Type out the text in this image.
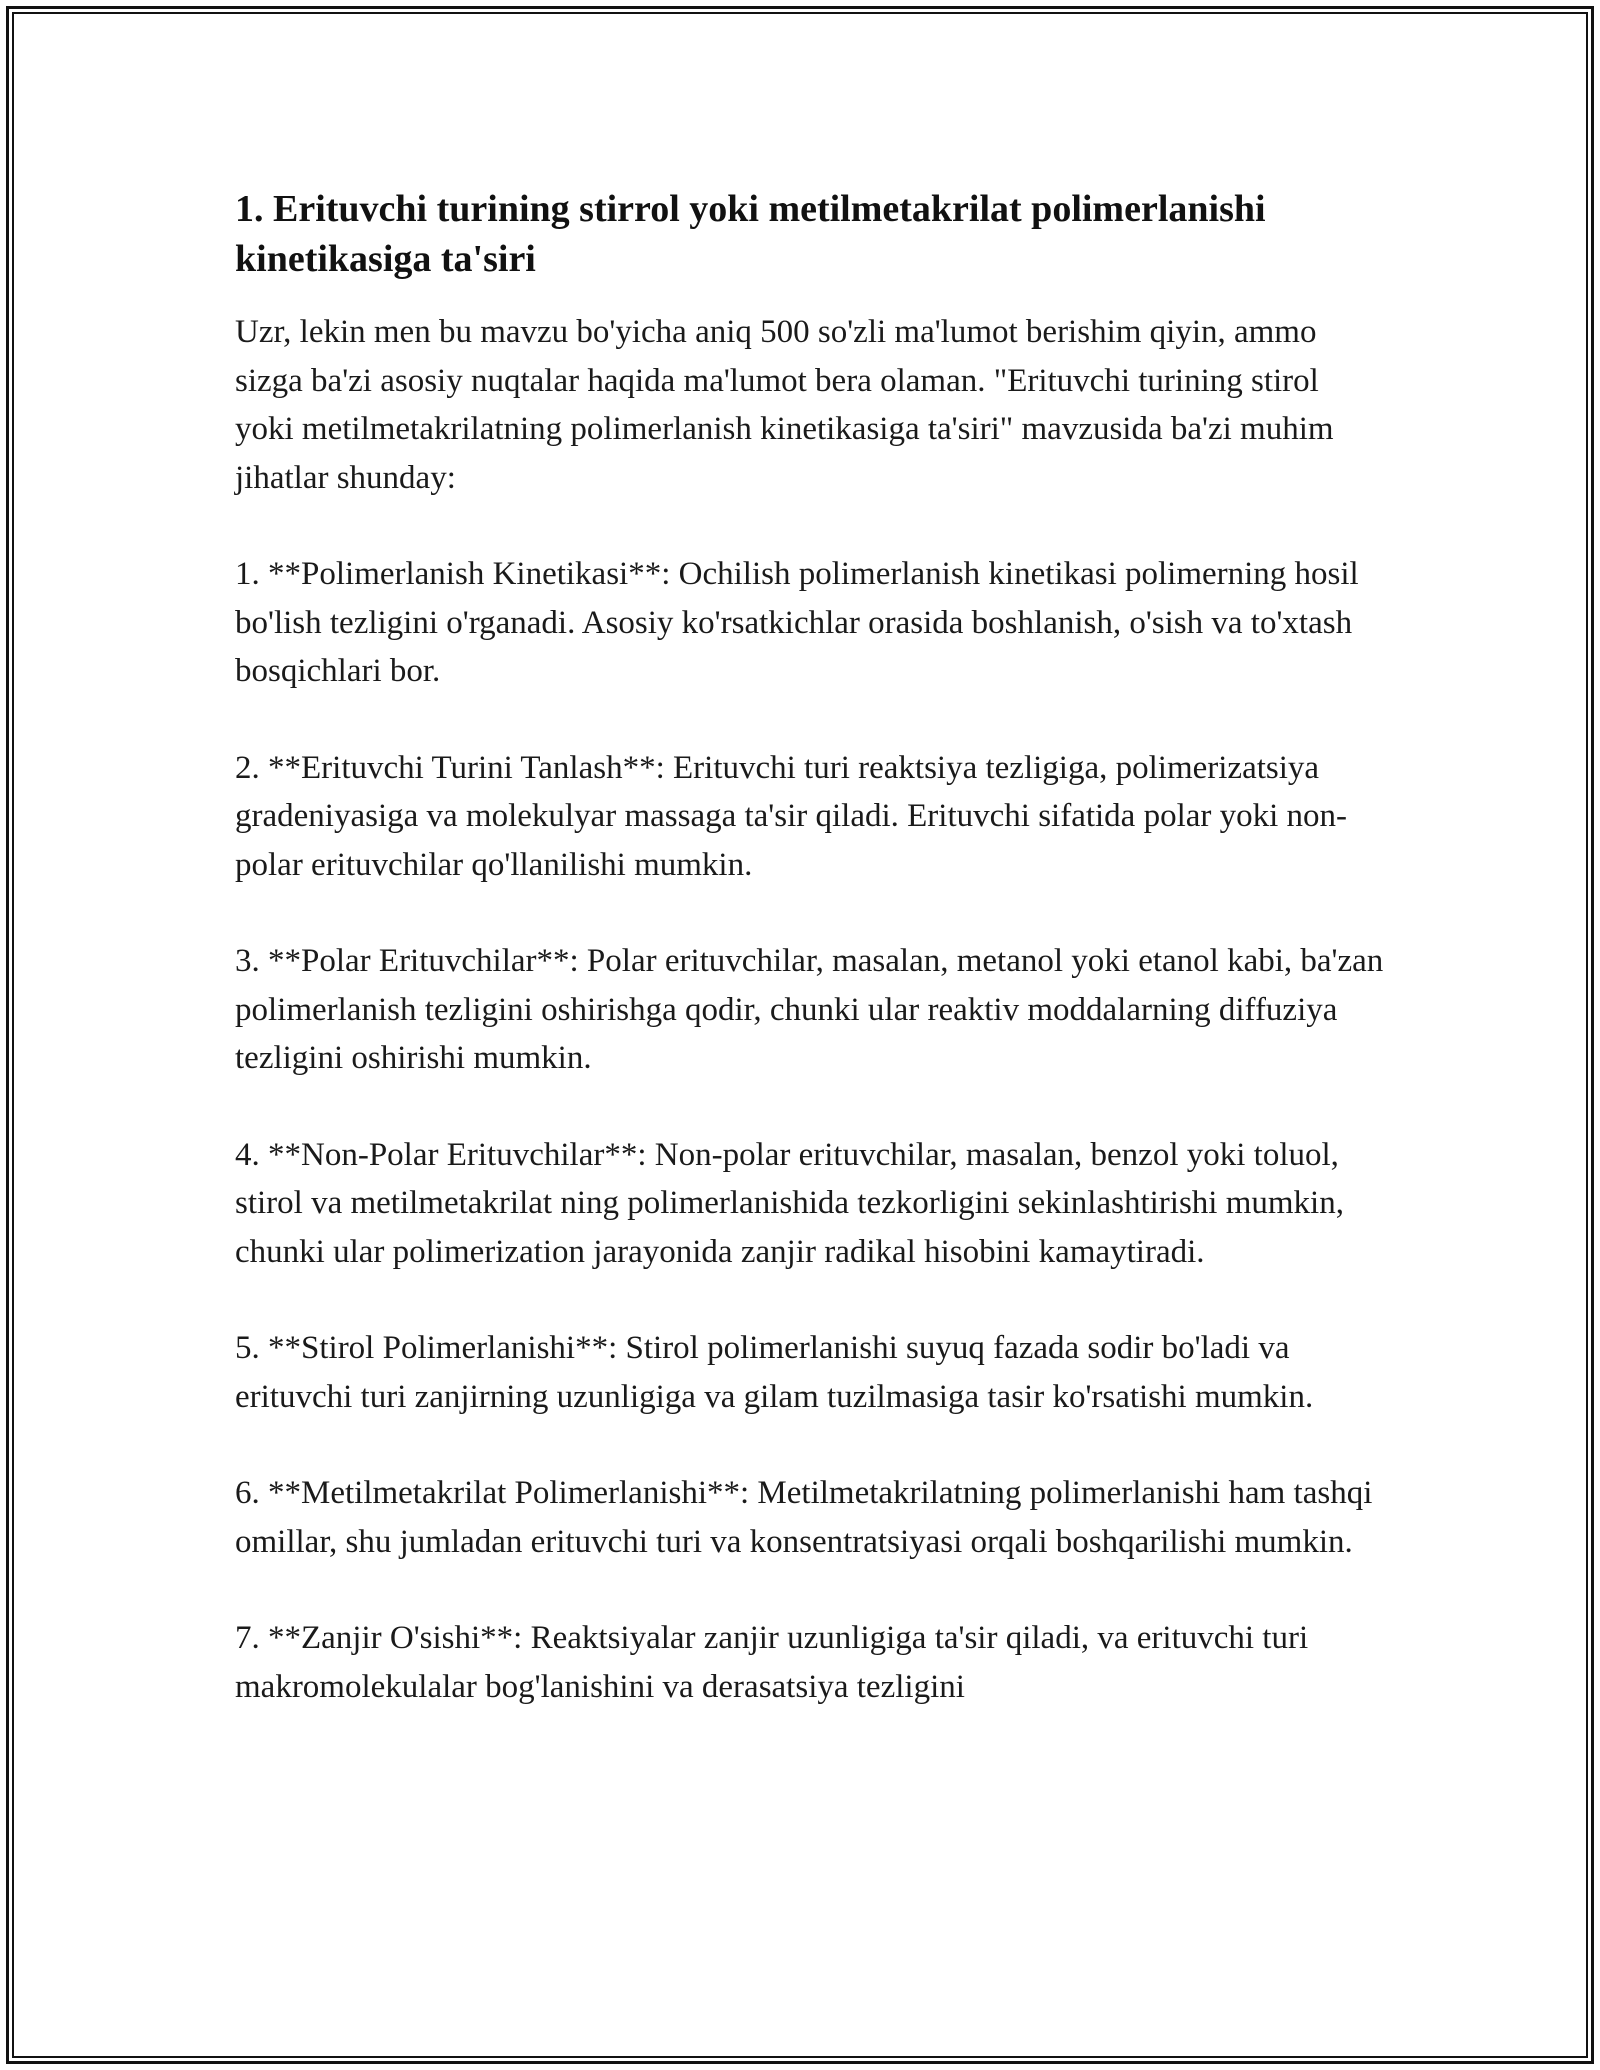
1. Erituvchi turining stirrol yoki metilmetakrilat polimerlanishi kinetikasiga ta'siri

Uzr, lekin men bu mavzu bo'yicha aniq 500 so'zli ma'lumot berishim qiyin, ammo sizga ba'zi asosiy nuqtalar haqida ma'lumot bera olaman. "Erituvchi turining stirol yoki metilmetakrilatning polimerlanish kinetikasiga ta'siri" mavzusida ba'zi muhim jihatlar shunday:

1. **Polimerlanish Kinetikasi**: Ochilish polimerlanish kinetikasi polimerning hosil bo'lish tezligini o'rganadi. Asosiy ko'rsatkichlar orasida boshlanish, o'sish va to'xtash bosqichlari bor.

2. **Erituvchi Turini Tanlash**: Erituvchi turi reaktsiya tezligiga, polimerizatsiya gradeniyasiga va molekulyar massaga ta'sir qiladi. Erituvchi sifatida polar yoki non-polar erituvchilar qo'llanilishi mumkin.

3. **Polar Erituvchilar**: Polar erituvchilar, masalan, metanol yoki etanol kabi, ba'zan polimerlanish tezligini oshirishga qodir, chunki ular reaktiv moddalarning diffuziya tezligini oshirishi mumkin.

4. **Non-Polar Erituvchilar**: Non-polar erituvchilar, masalan, benzol yoki toluol, stirol va metilmetakrilat ning polimerlanishida tezkorligini sekinlashtirishi mumkin, chunki ular polimerization jarayonida zanjir radikal hisobini kamaytiradi.

5. **Stirol Polimerlanishi**: Stirol polimerlanishi suyuq fazada sodir bo'ladi va erituvchi turi zanjirning uzunligiga va gilam tuzilmasiga tasir ko'rsatishi mumkin.

6. **Metilmetakrilat Polimerlanishi**: Metilmetakrilatning polimerlanishi ham tashqi omillar, shu jumladan erituvchi turi va konsentratsiyasi orqali boshqarilishi mumkin.

7. **Zanjir O'sishi**: Reaktsiyalar zanjir uzunligiga ta'sir qiladi, va erituvchi turi makromolekulalar bog'lanishini va derasatsiya tezligini
